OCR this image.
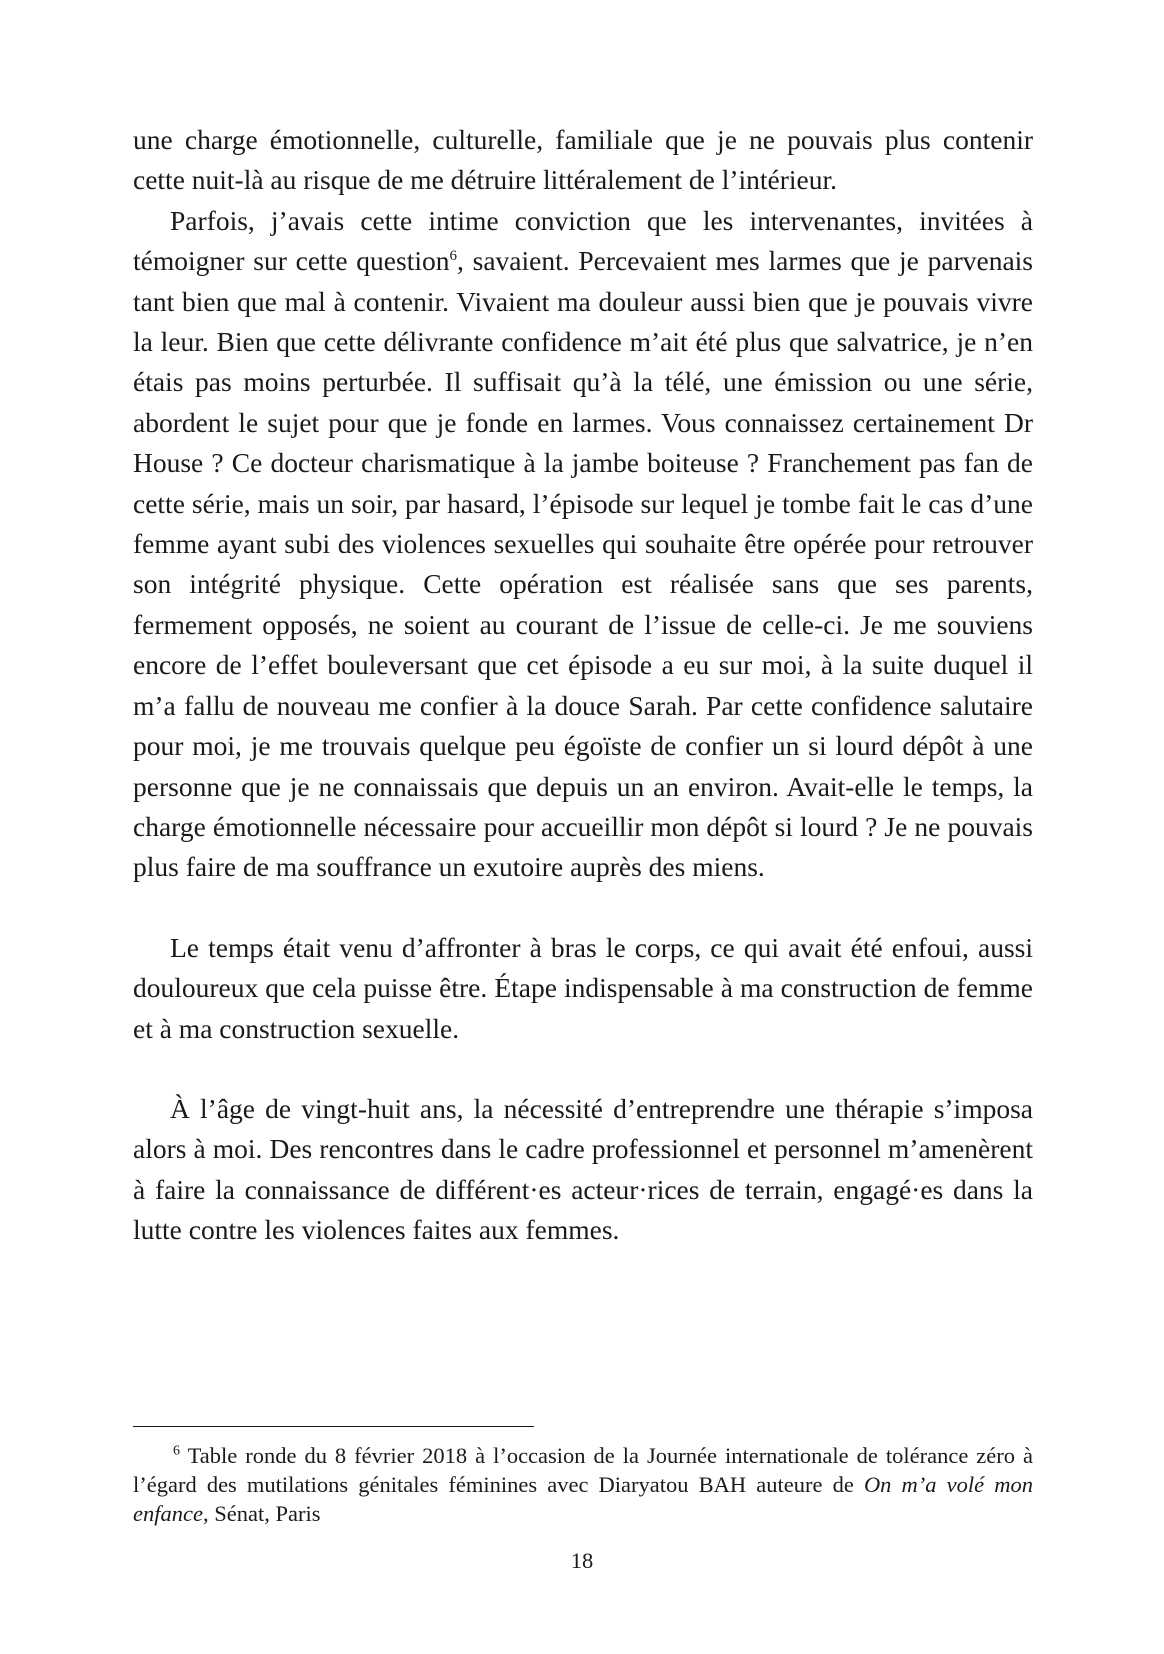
une charge émotionnelle, culturelle, familiale que je ne pouvais plus contenir cette nuit-là au risque de me détruire littéralement de l’intérieur.

Parfois, j’avais cette intime conviction que les intervenantes, invitées à témoigner sur cette question$^6$, savaient. Percevaient mes larmes que je parvenais tant bien que mal à contenir. Vivaient ma douleur aussi bien que je pouvais vivre la leur. Bien que cette délivrante confidence m’ait été plus que salvatrice, je n’en étais pas moins perturbée. Il suffisait qu’à la télé, une émission ou une série, abordent le sujet pour que je fonde en larmes. Vous connaissez certainement Dr House ? Ce docteur charismatique à la jambe boiteuse ? Franchement pas fan de cette série, mais un soir, par hasard, l’épisode sur lequel je tombe fait le cas d’une femme ayant subi des violences sexuelles qui souhaite être opérée pour retrouver son intégrité physique. Cette opération est réalisée sans que ses parents, fermement opposés, ne soient au courant de l’issue de celle-ci. Je me souviens encore de l’effet bouleversant que cet épisode a eu sur moi, à la suite duquel il m’a fallu de nouveau me confier à la douce Sarah. Par cette confidence salutaire pour moi, je me trouvais quelque peu égoïste de confier un si lourd dépôt à une personne que je ne connaissais que depuis un an environ. Avait-elle le temps, la charge émotionnelle nécessaire pour accueillir mon dépôt si lourd ? Je ne pouvais plus faire de ma souffrance un exutoire auprès des miens.

Le temps était venu d’affronter à bras le corps, ce qui avait été enfoui, aussi douloureux que cela puisse être. Étape indispensable à ma construction de femme et à ma construction sexuelle.

À l’âge de vingt-huit ans, la nécessité d’entreprendre une thérapie s’imposa alors à moi. Des rencontres dans le cadre professionnel et personnel m’amenèrent à faire la connaissance de différent·es acteur·rices de terrain, engagé·es dans la lutte contre les violences faites aux femmes.

$^6$ Table ronde du 8 février 2018 à l’occasion de la Journée internationale de tolérance zéro à l’égard des mutilations génitales féminines avec Diaryatou BAH auteure de On m’a volé mon enfance, Sénat, Paris

18
